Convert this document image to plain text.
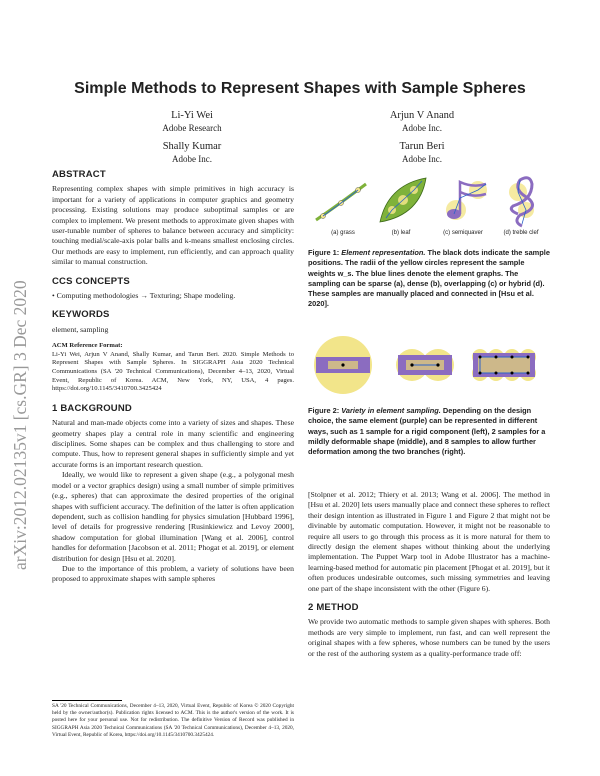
arXiv:2012.02135v1 [cs.GR] 3 Dec 2020
Simple Methods to Represent Shapes with Sample Spheres
Li-Yi Wei
Adobe Research
Arjun V Anand
Adobe Inc.
Shally Kumar
Adobe Inc.
Tarun Beri
Adobe Inc.
ABSTRACT

Representing complex shapes with simple primitives in high accuracy is important for a variety of applications in computer graphics and geometry processing. Existing solutions may produce suboptimal samples or are complex to implement. We present methods to approximate given shapes with user-tunable number of spheres to balance between accuracy and simplicity: touching medial/scale-axis polar balls and k-means smallest enclosing circles. Our methods are easy to implement, run efficiently, and can approach quality similar to manual construction.

CCS CONCEPTS

• Computing methodologies → Texturing; Shape modeling.

KEYWORDS

element, sampling

ACM Reference Format:

Li-Yi Wei, Arjun V Anand, Shally Kumar, and Tarun Beri. 2020. Simple Methods to Represent Shapes with Sample Spheres. In SIGGRAPH Asia 2020 Technical Communications (SA '20 Technical Communications), December 4–13, 2020, Virtual Event, Republic of Korea. ACM, New York, NY, USA, 4 pages. https://doi.org/10.1145/3410700.3425424

1 BACKGROUND

Natural and man-made objects come into a variety of sizes and shapes. These geometry shapes play a central role in many scientific and engineering disciplines. Some shapes can be complex and thus challenging to store and compute. Thus, how to represent general shapes in sufficiently simple and yet accurate forms is an important research question.

Ideally, we would like to represent a given shape (e.g., a polygonal mesh model or a vector graphics design) using a small number of simple primitives (e.g., spheres) that can approximate the desired properties of the original shapes with sufficient accuracy. The definition of the latter is often application dependent, such as collision handling for physics simulation [Hubbard 1996], level of details for progressive rendering [Rusinkiewicz and Levoy 2000], shadow computation for global illumination [Wang et al. 2006], control handles for deformation [Jacobson et al. 2011; Phogat et al. 2019], or element distribution for design [Hsu et al. 2020].

Due to the importance of this problem, a variety of solutions have been proposed to approximate shapes with sample spheres

SA '20 Technical Communications, December 4–13, 2020, Virtual Event, Republic of Korea © 2020 Copyright held by the owner/author(s). Publication rights licensed to ACM. This is the author's version of the work. It is posted here for your personal use. Not for redistribution. The definitive Version of Record was published in SIGGRAPH Asia 2020 Technical Communications (SA '20 Technical Communications), December 4–13, 2020, Virtual Event, Republic of Korea, https://doi.org/10.1145/3410700.3425424.
(a) grass	(b) leaf	(c) semiquaver	(d) treble clef
Figure 1: Element representation. The black dots indicate the sample positions. The radii of the yellow circles represent the sample weights w_s. The blue lines denote the element graphs. The sampling can be sparse (a), dense (b), overlapping (c) or hybrid (d). These samples are manually placed and connected in [Hsu et al. 2020].
Figure 2: Variety in element sampling. Depending on the design choice, the same element (purple) can be represented in different ways, such as 1 sample for a rigid component (left), 2 samples for a mildly deformable shape (middle), and 8 samples to allow further deformation among the two branches (right).

[Stolpner et al. 2012; Thiery et al. 2013; Wang et al. 2006]. The method in [Hsu et al. 2020] lets users manually place and connect these spheres to reflect their design intention as illustrated in Figure 1 and Figure 2 that might not be divinable by automatic computation. However, it might not be reasonable to require all users to go through this process as it is more natural for them to directly design the element shapes without thinking about the underlying implementation. The Puppet Warp tool in Adobe Illustrator has a machine-learning-based method for automatic pin placement [Phogat et al. 2019], but it often produces undesirable outcomes, such missing symmetries and leaving one part of the shape inconsistent with the other (Figure 6).

2 METHOD

We provide two automatic methods to sample given shapes with spheres. Both methods are very simple to implement, run fast, and can well represent the original shapes with a few spheres, whose numbers can be tuned by the users or the rest of the authoring system as a quality-performance trade off:
